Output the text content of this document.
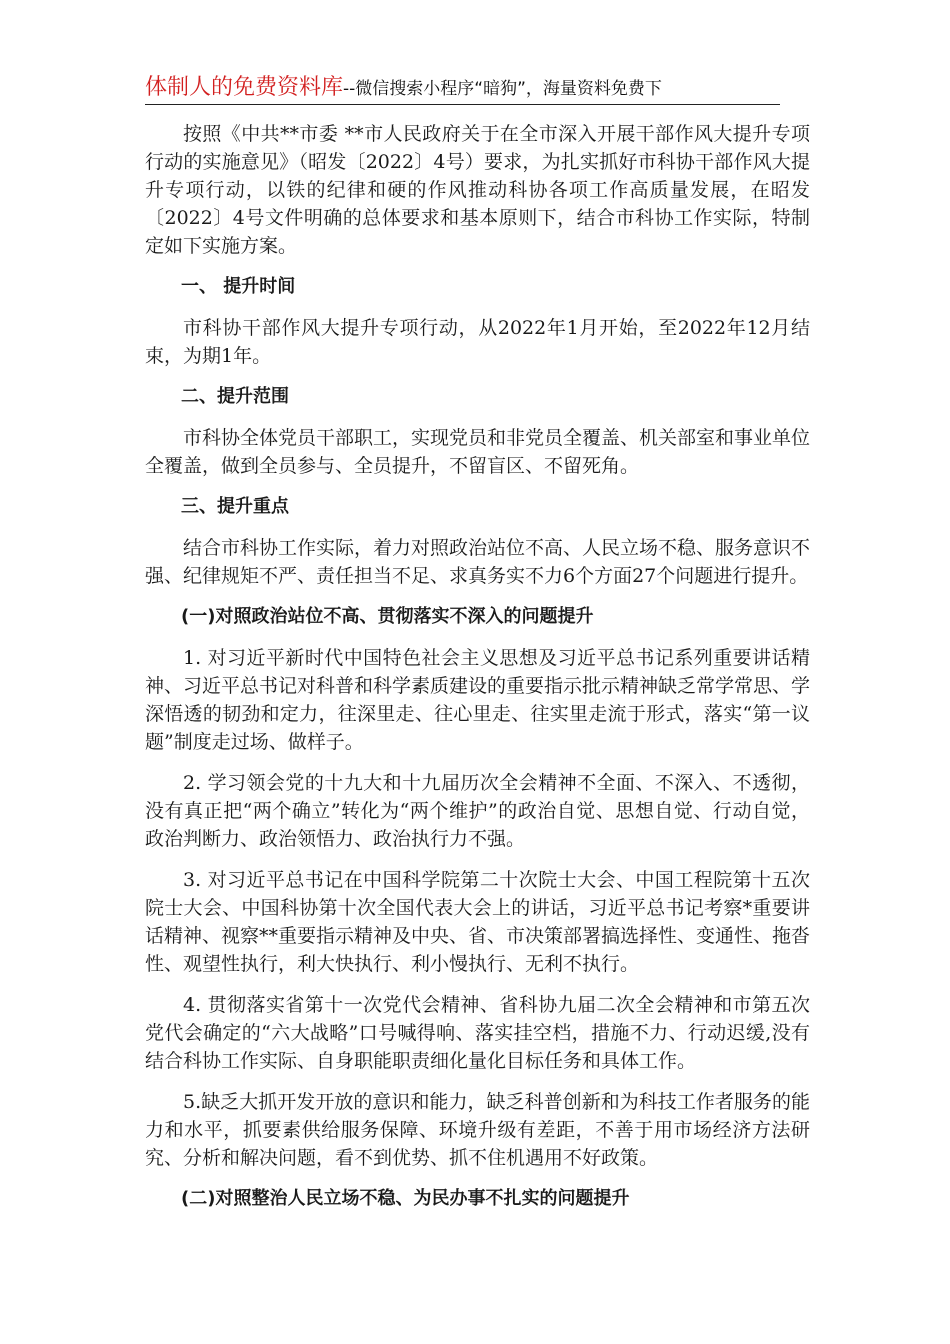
体制人的免费资料库--微信搜索小程序“暗狗”，海量资料免费下

按照《中共**市委 **市人民政府关于在全市深入开展干部作风大提升专项行动的实施意见》（昭发〔2022〕4号）要求，为扎实抓好市科协干部作风大提升专项行动，以铁的纪律和硬的作风推动科协各项工作高质量发展，在昭发〔2022〕4号文件明确的总体要求和基本原则下，结合市科协工作实际，特制定如下实施方案。

一、 提升时间

市科协干部作风大提升专项行动，从2022年1月开始，至2022年12月结束，为期1年。

二、提升范围

市科协全体党员干部职工，实现党员和非党员全覆盖、机关部室和事业单位全覆盖，做到全员参与、全员提升，不留盲区、不留死角。

三、提升重点

结合市科协工作实际，着力对照政治站位不高、人民立场不稳、服务意识不强、纪律规矩不严、责任担当不足、求真务实不力6个方面27个问题进行提升。

(一)对照政治站位不高、贯彻落实不深入的问题提升

1. 对习近平新时代中国特色社会主义思想及习近平总书记系列重要讲话精神、习近平总书记对科普和科学素质建设的重要指示批示精神缺乏常学常思、学深悟透的韧劲和定力，往深里走、往心里走、往实里走流于形式，落实“第一议题”制度走过场、做样子。

2. 学习领会党的十九大和十九届历次全会精神不全面、不深入、不透彻，没有真正把“两个确立”转化为“两个维护”的政治自觉、思想自觉、行动自觉，政治判断力、政治领悟力、政治执行力不强。

3. 对习近平总书记在中国科学院第二十次院士大会、中国工程院第十五次院士大会、中国科协第十次全国代表大会上的讲话，习近平总书记考察*重要讲话精神、视察**重要指示精神及中央、省、市决策部署搞选择性、变通性、拖沓性、观望性执行，利大快执行、利小慢执行、无利不执行。

4. 贯彻落实省第十一次党代会精神、省科协九届二次全会精神和市第五次党代会确定的“六大战略”口号喊得响、落实挂空档，措施不力、行动迟缓,没有结合科协工作实际、自身职能职责细化量化目标任务和具体工作。

5.缺乏大抓开发开放的意识和能力，缺乏科普创新和为科技工作者服务的能力和水平，抓要素供给服务保障、环境升级有差距，不善于用市场经济方法研究、分析和解决问题，看不到优势、抓不住机遇用不好政策。

(二)对照整治人民立场不稳、为民办事不扎实的问题提升
